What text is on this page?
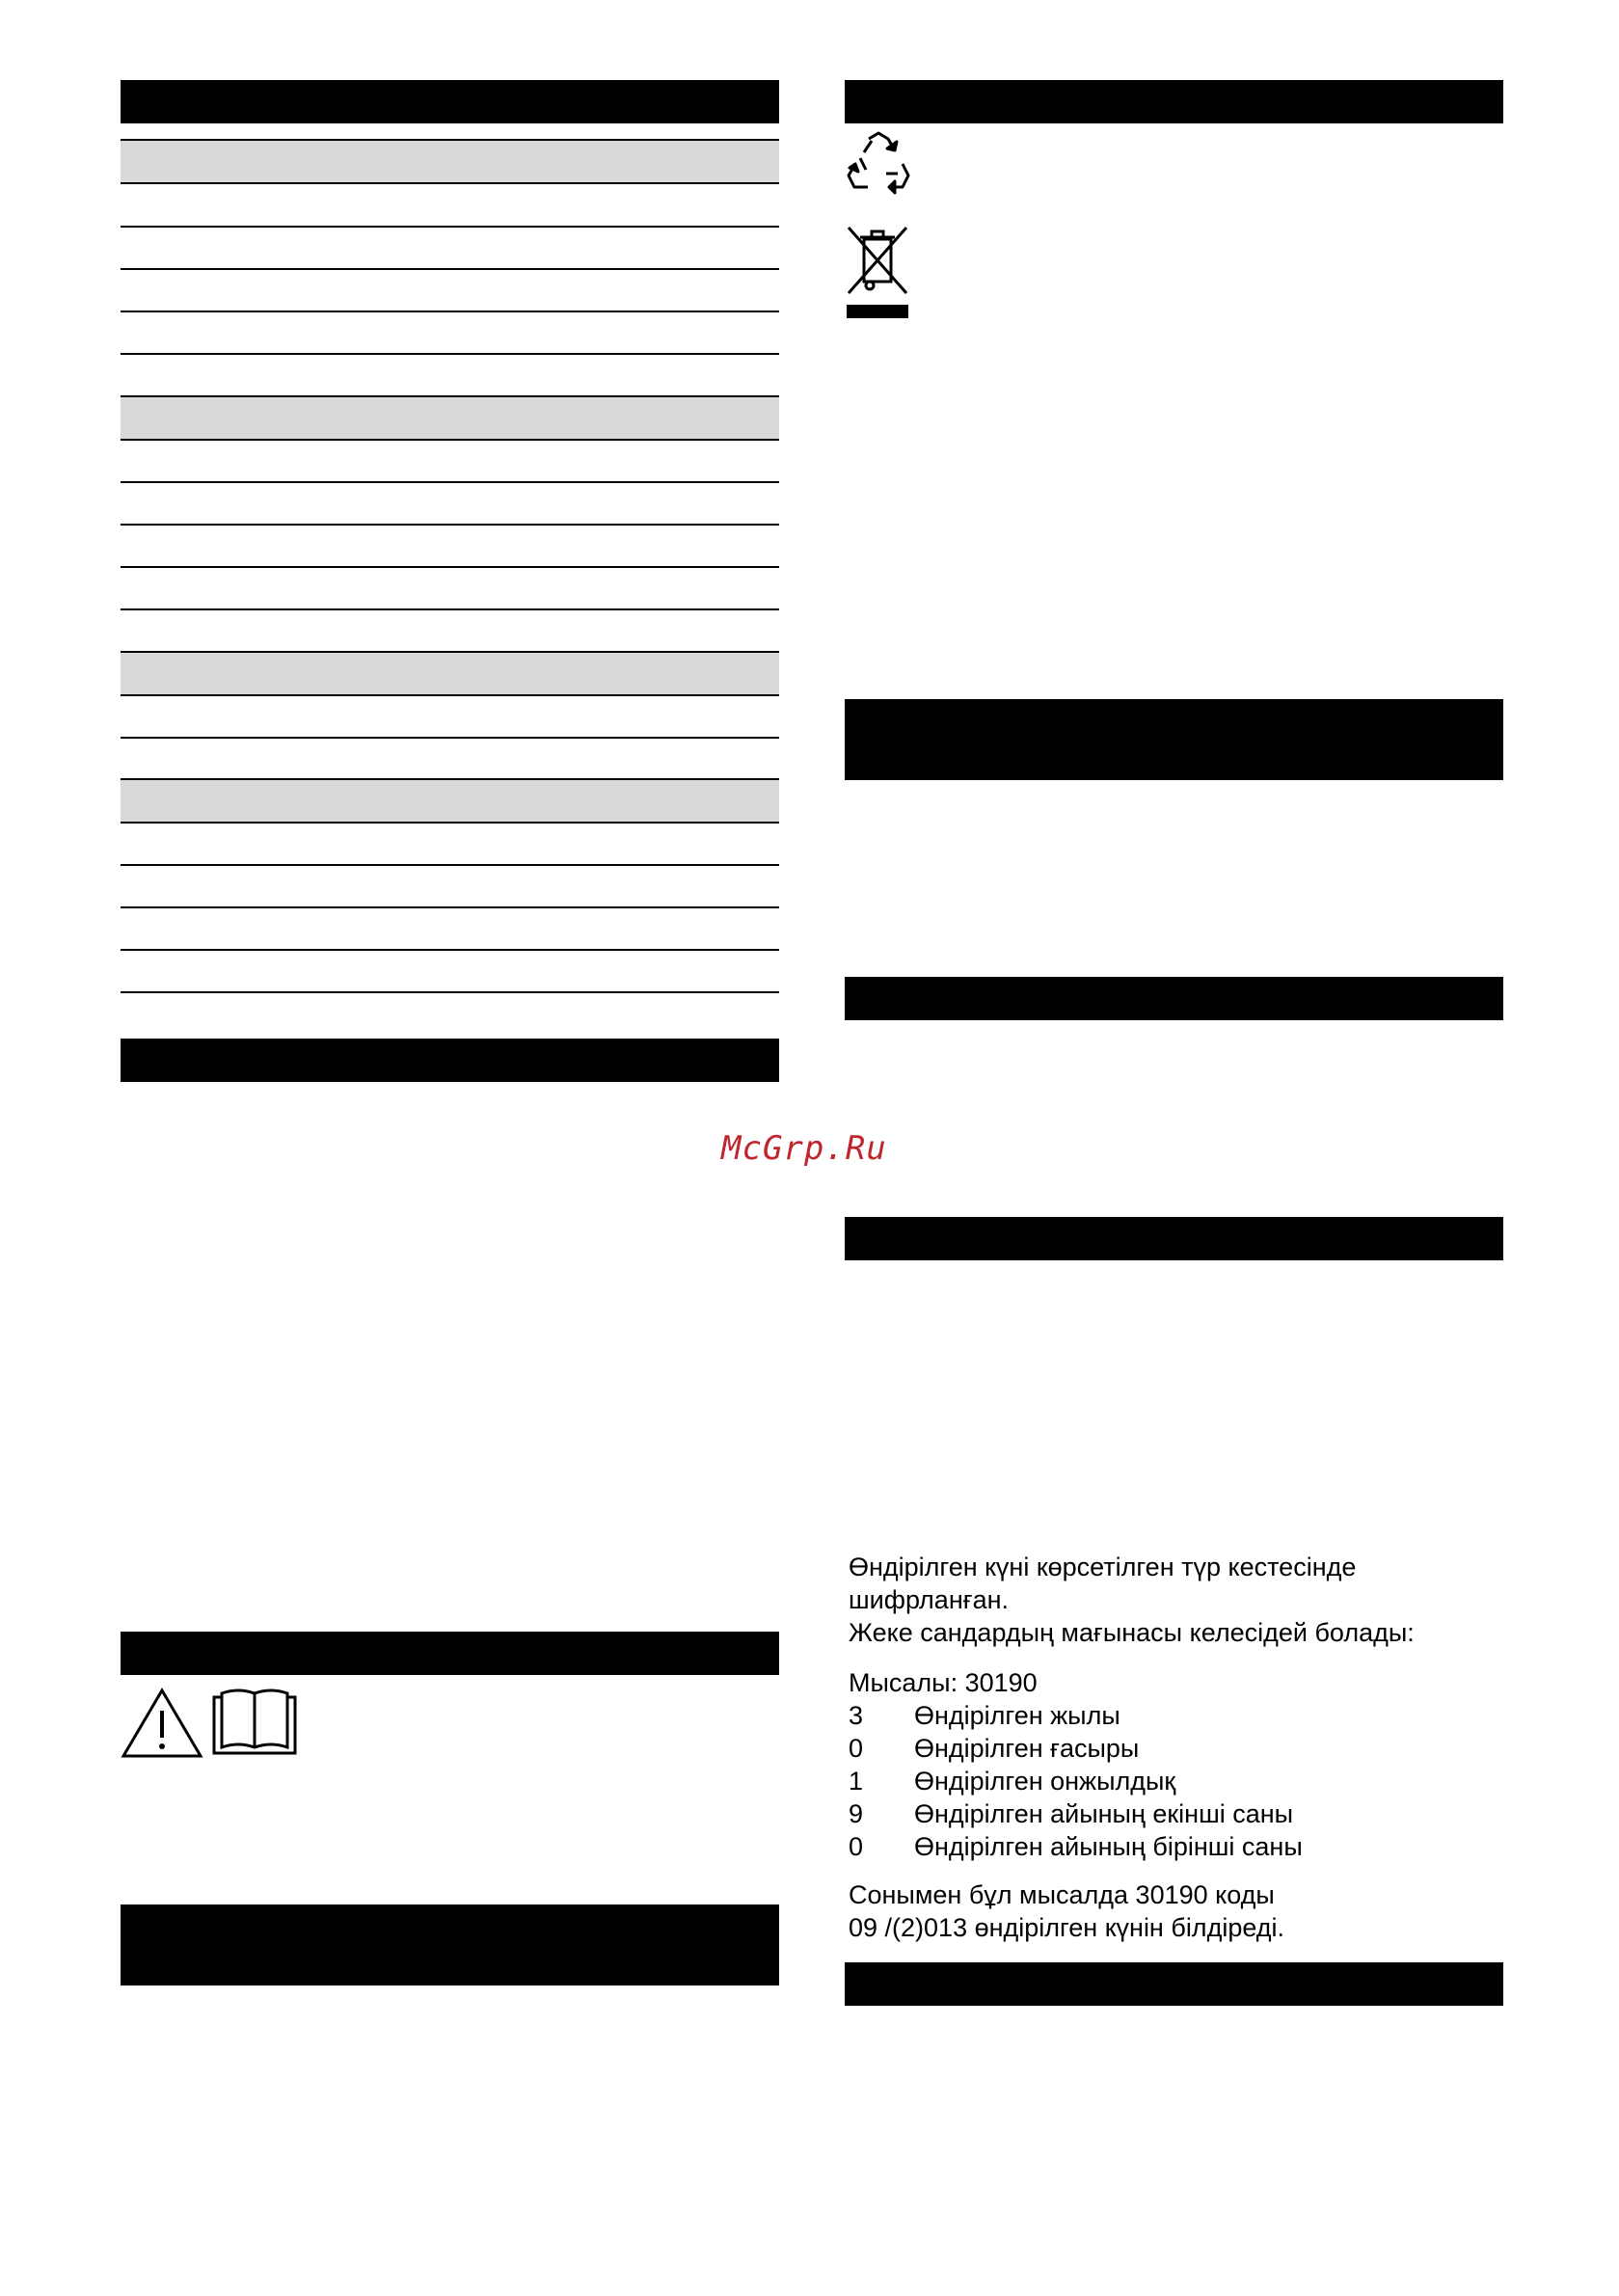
McGrp.Ru
Өндірілген күні көрсетілген түр кестесінде
шифрланған.
Жеке сандардың мағынасы келесідей болады:
Мысалы: 30190
3 Өндірілген жылы
0 Өндірілген ғасыры
1 Өндірілген онжылдық
9 Өндірілген айының екінші саны
0 Өндірілген айының бірінші саны
Сонымен бұл мысалда 30190 коды
09 /(2)013 өндірілген күнін білдіреді.
